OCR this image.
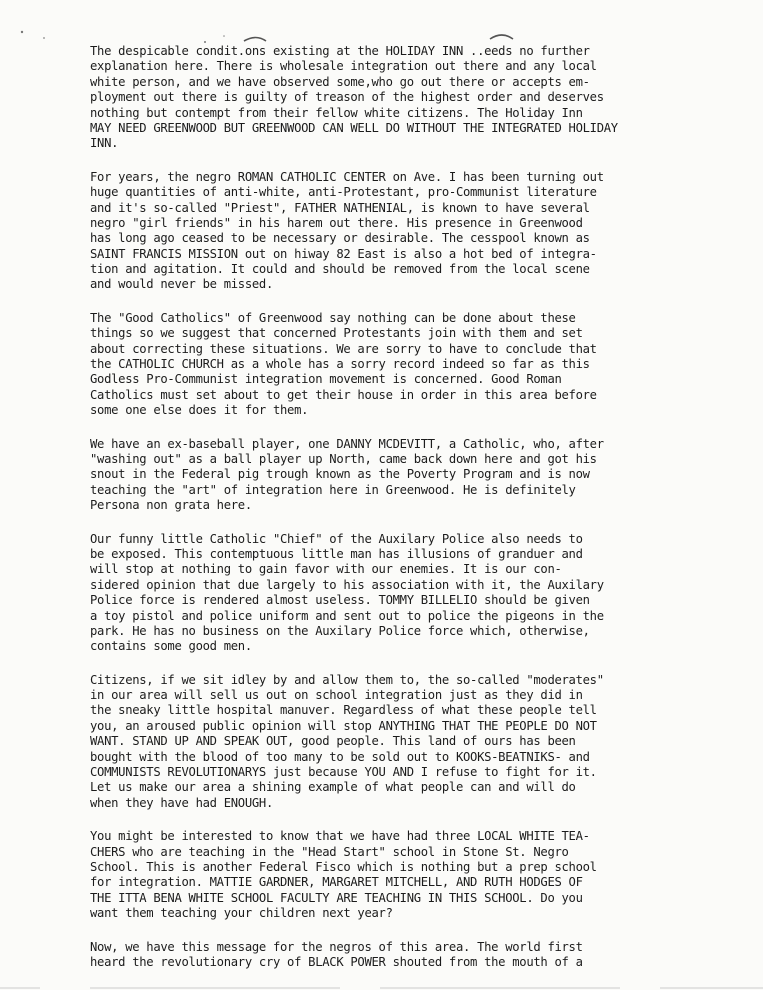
The despicable condit.ons existing at the HOLIDAY INN ..eeds no further
explanation here. There is wholesale integration out there and any local
white person, and we have observed some,who go out there or accepts em-
ployment out there is guilty of treason of the highest order and deserves
nothing but contempt from their fellow white citizens. The Holiday Inn
MAY NEED GREENWOOD BUT GREENWOOD CAN WELL DO WITHOUT THE INTEGRATED HOLIDAY
INN.
For years, the negro ROMAN CATHOLIC CENTER on Ave. I has been turning out
huge quantities of anti-white, anti-Protestant, pro-Communist literature
and it's so-called "Priest", FATHER NATHENIAL, is known to have several
negro "girl friends" in his harem out there. His presence in Greenwood
has long ago ceased to be necessary or desirable. The cesspool known as
SAINT FRANCIS MISSION out on hiway 82 East is also a hot bed of integra-
tion and agitation. It could and should be removed from the local scene
and would never be missed.
The "Good Catholics" of Greenwood say nothing can be done about these
things so we suggest that concerned Protestants join with them and set
about correcting these situations. We are sorry to have to conclude that
the CATHOLIC CHURCH as a whole has a sorry record indeed so far as this
Godless Pro-Communist integration movement is concerned. Good Roman
Catholics must set about to get their house in order in this area before
some one else does it for them.
We have an ex-baseball player, one DANNY MCDEVITT, a Catholic, who, after
"washing out" as a ball player up North, came back down here and got his
snout in the Federal pig trough known as the Poverty Program and is now
teaching the "art" of integration here in Greenwood. He is definitely
Persona non grata here.
Our funny little Catholic "Chief" of the Auxilary Police also needs to
be exposed. This contemptuous little man has illusions of granduer and
will stop at nothing to gain favor with our enemies. It is our con-
sidered opinion that due largely to his association with it, the Auxilary
Police force is rendered almost useless. TOMMY BILLELIO should be given
a toy pistol and police uniform and sent out to police the pigeons in the
park. He has no business on the Auxilary Police force which, otherwise,
contains some good men.
Citizens, if we sit idley by and allow them to, the so-called "moderates"
in our area will sell us out on school integration just as they did in
the sneaky little hospital manuver. Regardless of what these people tell
you, an aroused public opinion will stop ANYTHING THAT THE PEOPLE DO NOT
WANT. STAND UP AND SPEAK OUT, good people. This land of ours has been
bought with the blood of too many to be sold out to KOOKS-BEATNIKS- and
COMMUNISTS REVOLUTIONARYS just because YOU AND I refuse to fight for it.
Let us make our area a shining example of what people can and will do
when they have had ENOUGH.
You might be interested to know that we have had three LOCAL WHITE TEA-
CHERS who are teaching in the "Head Start" school in Stone St. Negro
School. This is another Federal Fisco which is nothing but a prep school
for integration. MATTIE GARDNER, MARGARET MITCHELL, AND RUTH HODGES OF
THE ITTA BENA WHITE SCHOOL FACULTY ARE TEACHING IN THIS SCHOOL. Do you
want them teaching your children next year?
Now, we have this message for the negros of this area. The world first
heard the revolutionary cry of BLACK POWER shouted from the mouth of a
